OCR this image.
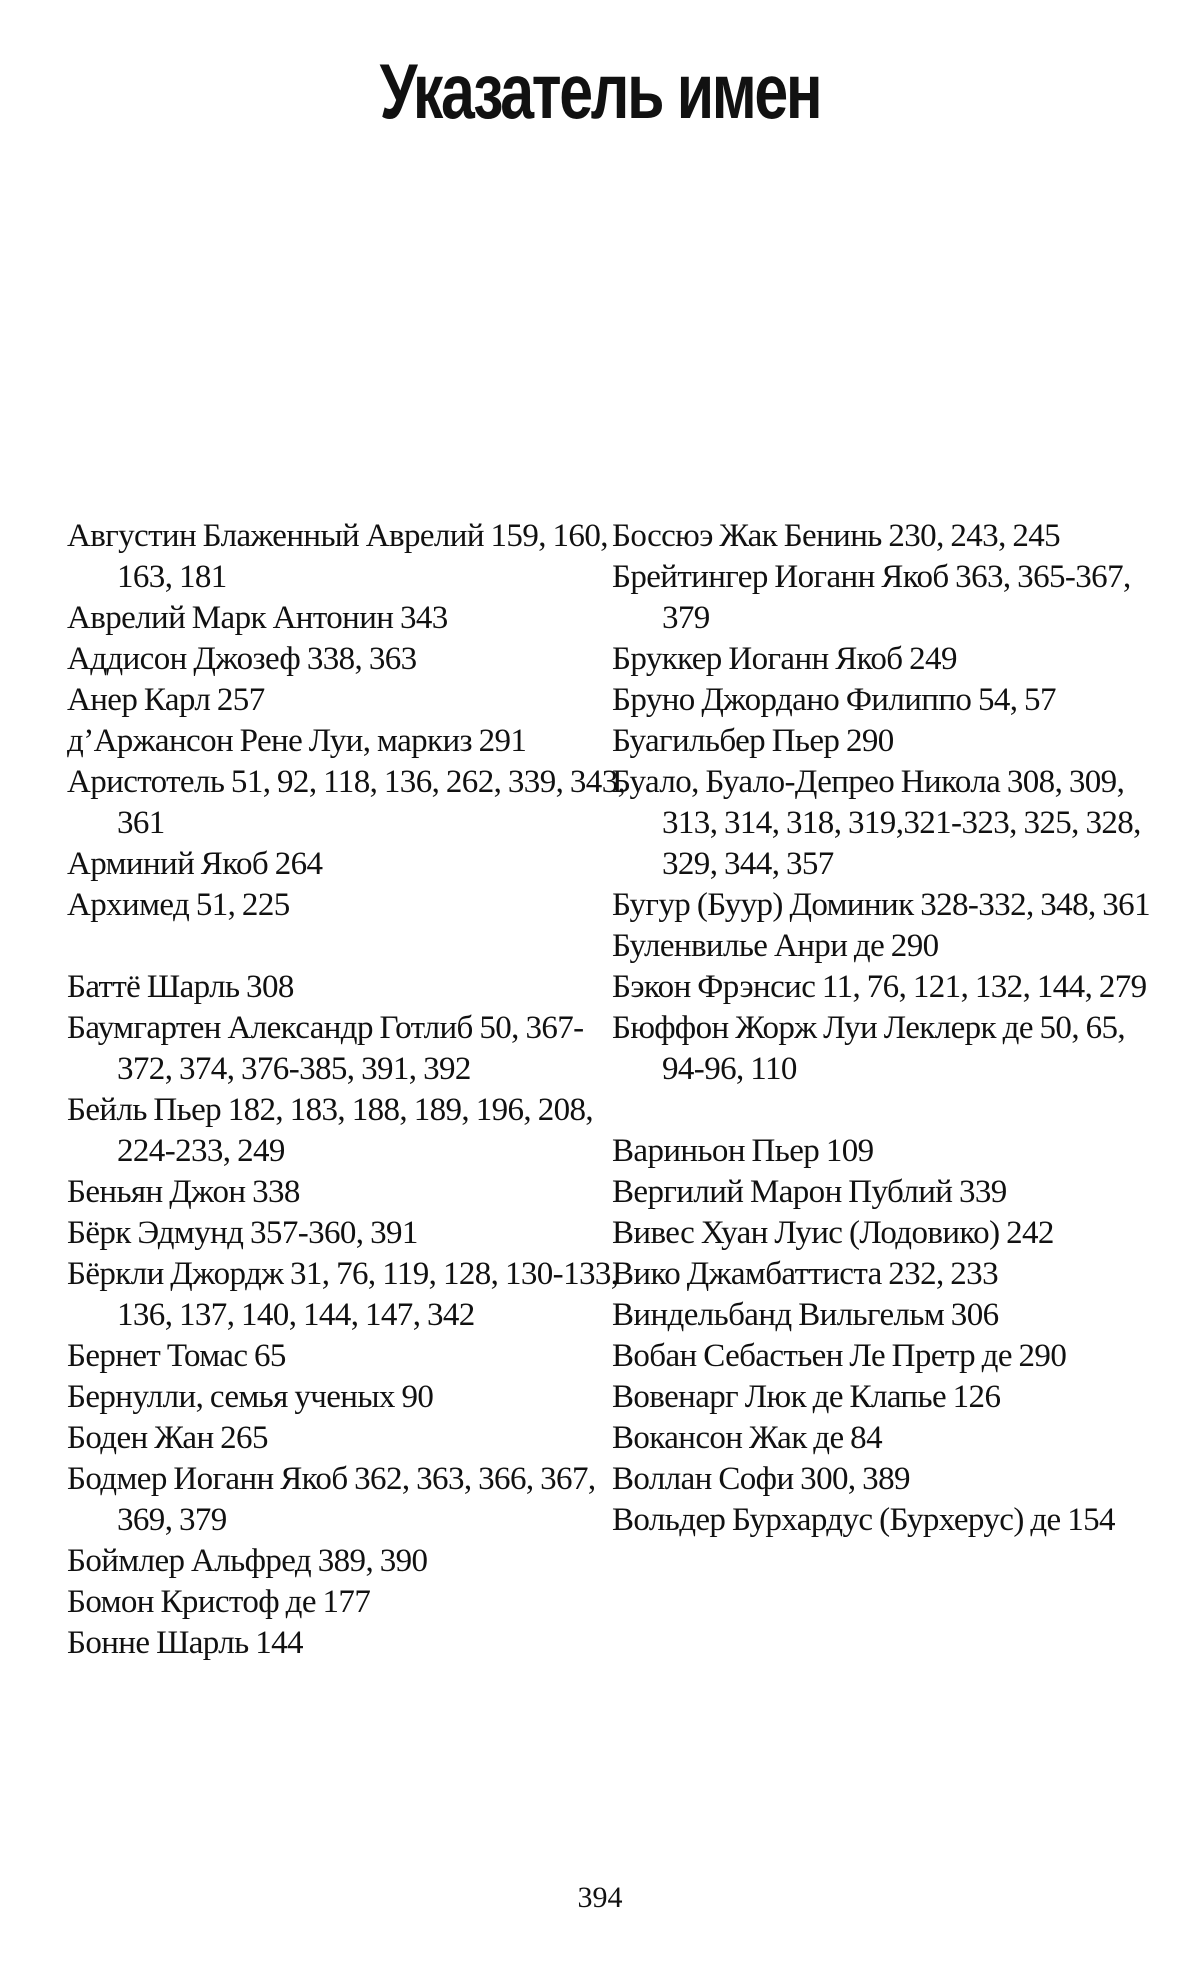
Указатель имен
Августин Блаженный Аврелий 159, 160, 163, 181
Аврелий Марк Антонин 343
Аддисон Джозеф 338, 363
Анер Карл 257
д’Аржансон Рене Луи, маркиз 291
Аристотель 51, 92, 118, 136, 262, 339, 343, 361
Арминий Якоб 264
Архимед 51, 225
Баттё Шарль 308
Баумгартен Александр Готлиб 50, 367-372, 374, 376-385, 391, 392
Бейль Пьер 182, 183, 188, 189, 196, 208, 224-233, 249
Беньян Джон 338
Бёрк Эдмунд 357-360, 391
Бёркли Джордж 31, 76, 119, 128, 130-133, 136, 137, 140, 144, 147, 342
Бернет Томас 65
Бернулли, семья ученых 90
Боден Жан 265
Бодмер Иоганн Якоб 362, 363, 366, 367, 369, 379
Боймлер Альфред 389, 390
Бомон Кристоф де 177
Бонне Шарль 144
Боссюэ Жак Бенинь 230, 243, 245
Брейтингер Иоганн Якоб 363, 365-367, 379
Бруккер Иоганн Якоб 249
Бруно Джордано Филиппо 54, 57
Буагильбер Пьер 290
Буало, Буало-Депрео Никола 308, 309, 313, 314, 318, 319,321-323, 325, 328, 329, 344, 357
Бугур (Буур) Доминик 328-332, 348, 361
Буленвилье Анри де 290
Бэкон Фрэнсис 11, 76, 121, 132, 144, 279
Бюффон Жорж Луи Леклерк де 50, 65, 94-96, 110
Вариньон Пьер 109
Вергилий Марон Публий 339
Вивес Хуан Луис (Лодовико) 242
Вико Джамбаттиста 232, 233
Виндельбанд Вильгельм 306
Вобан Себастьен Ле Претр де 290
Вовенарг Люк де Клапье 126
Вокансон Жак де 84
Воллан Софи 300, 389
Вольдер Бурхардус (Бурхерус) де 154
394
